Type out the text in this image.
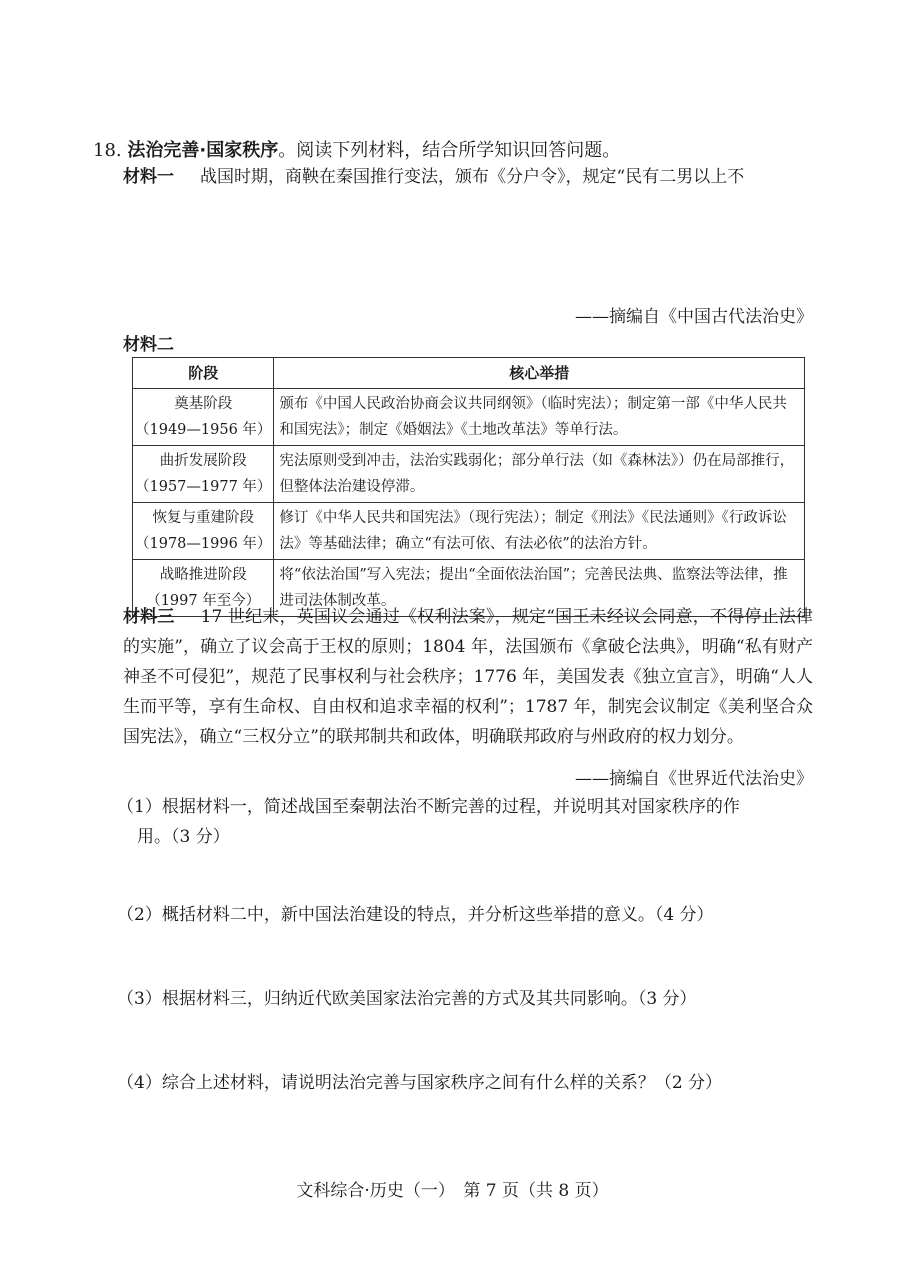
18. 法治完善·国家秩序。阅读下列材料，结合所学知识回答问题。
材料一 战国时期，商鞅在秦国推行变法，颁布《分户令》，规定“民有二男以上不
——摘编自《中国古代法治史》
材料二
阶段	核心举措

奠基阶段
（1949—1956 年）	颁布《中国人民政治协商会议共同纲领》（临时宪法）；制定第一部《中华人民共和国宪法》；制定《婚姻法》《土地改革法》等单行法。

曲折发展阶段
（1957—1977 年）	宪法原则受到冲击，法治实践弱化；部分单行法（如《森林法》）仍在局部推行，但整体法治建设停滞。

恢复与重建阶段
（1978—1996 年）	修订《中华人民共和国宪法》（现行宪法）；制定《刑法》《民法通则》《行政诉讼法》等基础法律；确立“有法可依、有法必依”的法治方针。

战略推进阶段
（1997 年至今）	将“依法治国”写入宪法；提出“全面依法治国”；完善民法典、监察法等法律，推进司法体制改革。
材料三 17 世纪末，英国议会通过《权利法案》，规定“国王未经议会同意，不得停止法律的实施”，确立了议会高于王权的原则；1804 年，法国颁布《拿破仑法典》，明确“私有财产神圣不可侵犯”，规范了民事权利与社会秩序；1776 年，美国发表《独立宣言》，明确“人人生而平等，享有生命权、自由权和追求幸福的权利”；1787 年，制宪会议制定《美利坚合众国宪法》，确立“三权分立”的联邦制共和政体，明确联邦政府与州政府的权力划分。
——摘编自《世界近代法治史》
（1）根据材料一，简述战国至秦朝法治不断完善的过程，并说明其对国家秩序的作
用。（3 分）
（2）概括材料二中，新中国法治建设的特点，并分析这些举措的意义。（4 分）
（3）根据材料三，归纳近代欧美国家法治完善的方式及其共同影响。（3 分）
（4）综合上述材料，请说明法治完善与国家秩序之间有什么样的关系？（2 分）
文科综合·历史（一）　第 7 页（共 8 页）
